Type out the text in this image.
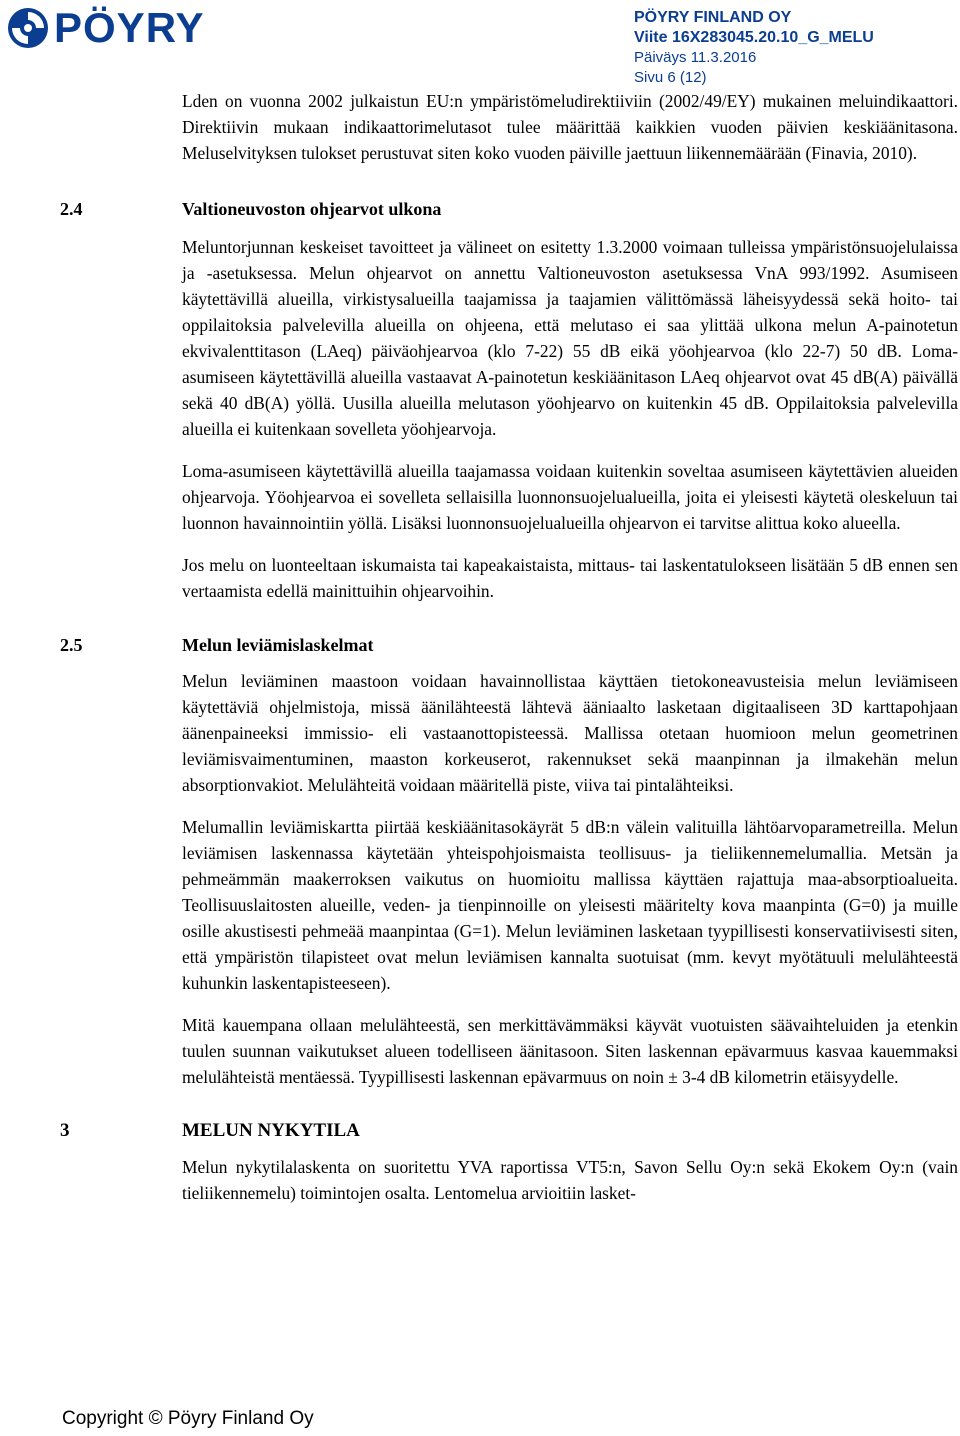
PÖYRY	PÖYRY FINLAND OY
Viite 16X283045.20.10_G_MELU
Päiväys 11.3.2016
Sivu 6 (12)

Lden on vuonna 2002 julkaistun EU:n ympäristömeludirektiiviin (2002/49/EY) mukainen meluindikaattori. Direktiivin mukaan indikaattorimelutasot tulee määrittää kaikkien vuoden päivien keskiäänitasona. Meluselvityksen tulokset perustuvat siten koko vuoden päiville jaettuun liikennemäärään (Finavia, 2010).

2.4	Valtioneuvoston ohjearvot ulkona

Meluntorjunnan keskeiset tavoitteet ja välineet on esitetty 1.3.2000 voimaan tulleissa ympäristönsuojelulaissa ja -asetuksessa. Melun ohjearvot on annettu Valtioneuvoston asetuksessa VnA 993/1992. Asumiseen käytettävillä alueilla, virkistysalueilla taajamissa ja taajamien välittömässä läheisyydessä sekä hoito- tai oppilaitoksia palvelevilla alueilla on ohjeena, että melutaso ei saa ylittää ulkona melun A-painotetun ekvivalenttitason (LAeq) päiväohjearvoa (klo 7-22) 55 dB eikä yöohjearvoa (klo 22-7) 50 dB. Loma-asumiseen käytettävillä alueilla vastaavat A-painotetun keskiäänitason LAeq ohjearvot ovat 45 dB(A) päivällä sekä 40 dB(A) yöllä. Uusilla alueilla melutason yöohjearvo on kuitenkin 45 dB. Oppilaitoksia palvelevilla alueilla ei kuitenkaan sovelleta yöohjearvoja.

Loma-asumiseen käytettävillä alueilla taajamassa voidaan kuitenkin soveltaa asumiseen käytettävien alueiden ohjearvoja. Yöohjearvoa ei sovelleta sellaisilla luonnonsuojelualueilla, joita ei yleisesti käytetä oleskeluun tai luonnon havainnointiin yöllä. Lisäksi luonnonsuojelualueilla ohjearvon ei tarvitse alittua koko alueella.

Jos melu on luonteeltaan iskumaista tai kapeakaistaista, mittaus- tai laskentatulokseen lisätään 5 dB ennen sen vertaamista edellä mainittuihin ohjearvoihin.

2.5	Melun leviämislaskelmat

Melun leviäminen maastoon voidaan havainnollistaa käyttäen tietokoneavusteisia melun leviämiseen käytettäviä ohjelmistoja, missä äänilähteestä lähtevä ääniaalto lasketaan digitaaliseen 3D karttapohjaan äänenpaineeksi immissio- eli vastaanottopisteessä. Mallissa otetaan huomioon melun geometrinen leviämisvaimentuminen, maaston korkeuserot, rakennukset sekä maanpinnan ja ilmakehän melun absorptionvakiot. Melulähteitä voidaan määritellä piste, viiva tai pintalähteiksi.

Melumallin leviämiskartta piirtää keskiäänitasokäyrät 5 dB:n välein valituilla lähtöarvoparametreilla. Melun leviämisen laskennassa käytetään yhteispohjoismaista teollisuus- ja tieliikennemelumallia. Metsän ja pehmeämmän maakerroksen vaikutus on huomioitu mallissa käyttäen rajattuja maa-absorptioalueita. Teollisuuslaitosten alueille, veden- ja tienpinnoille on yleisesti määritelty kova maanpinta (G=0) ja muille osille akustisesti pehmeää maanpintaa (G=1). Melun leviäminen lasketaan tyypillisesti konservatiivisesti siten, että ympäristön tilapisteet ovat melun leviämisen kannalta suotuisat (mm. kevyt myötätuuli melulähteestä kuhunkin laskentapisteeseen).

Mitä kauempana ollaan melulähteestä, sen merkittävämmäksi käyvät vuotuisten säävaihteluiden ja etenkin tuulen suunnan vaikutukset alueen todelliseen äänitasoon. Siten laskennan epävarmuus kasvaa kauemmaksi melulähteistä mentäessä. Tyypillisesti laskennan epävarmuus on noin ± 3-4 dB kilometrin etäisyydelle.

3	MELUN NYKYTILA

Melun nykytilalaskenta on suoritettu YVA raportissa VT5:n, Savon Sellu Oy:n sekä Ekokem Oy:n (vain tieliikennemelu) toimintojen osalta. Lentomelua arvioitiin lasket-

Copyright © Pöyry Finland Oy
